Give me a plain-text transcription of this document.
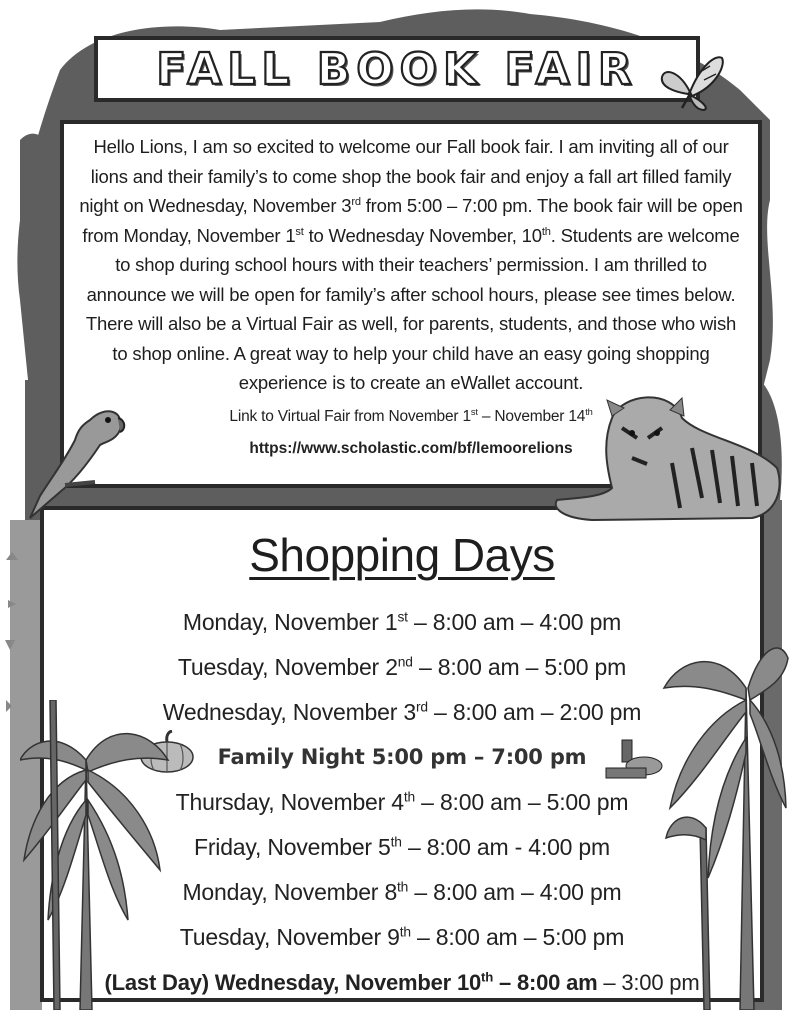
FALL BOOK FAIR

Hello Lions, I am so excited to welcome our Fall book fair. I am inviting all of our lions and their family’s to come shop the book fair and enjoy a fall art filled family night on Wednesday, November 3rd from 5:00 – 7:00 pm. The book fair will be open from Monday, November 1st to Wednesday November, 10th. Students are welcome to shop during school hours with their teachers’ permission. I am thrilled to announce we will be open for family’s after school hours, please see times below. There will also be a Virtual Fair as well, for parents, students, and those who wish to shop online. A great way to help your child have an easy going shopping experience is to create an eWallet account.

Link to Virtual Fair from November 1st – November 14th
https://www.scholastic.com/bf/lemoorelions
Shopping Days
Monday, November 1st – 8:00 am – 4:00 pm
Tuesday, November 2nd – 8:00 am – 5:00 pm
Wednesday, November 3rd – 8:00 am – 2:00 pm
Family Night 5:00 pm – 7:00 pm
Thursday, November 4th – 8:00 am – 5:00 pm
Friday, November 5th – 8:00 am - 4:00 pm
Monday, November 8th – 8:00 am – 4:00 pm
Tuesday, November 9th – 8:00 am – 5:00 pm
(Last Day) Wednesday, November 10th – 8:00 am – 3:00 pm
